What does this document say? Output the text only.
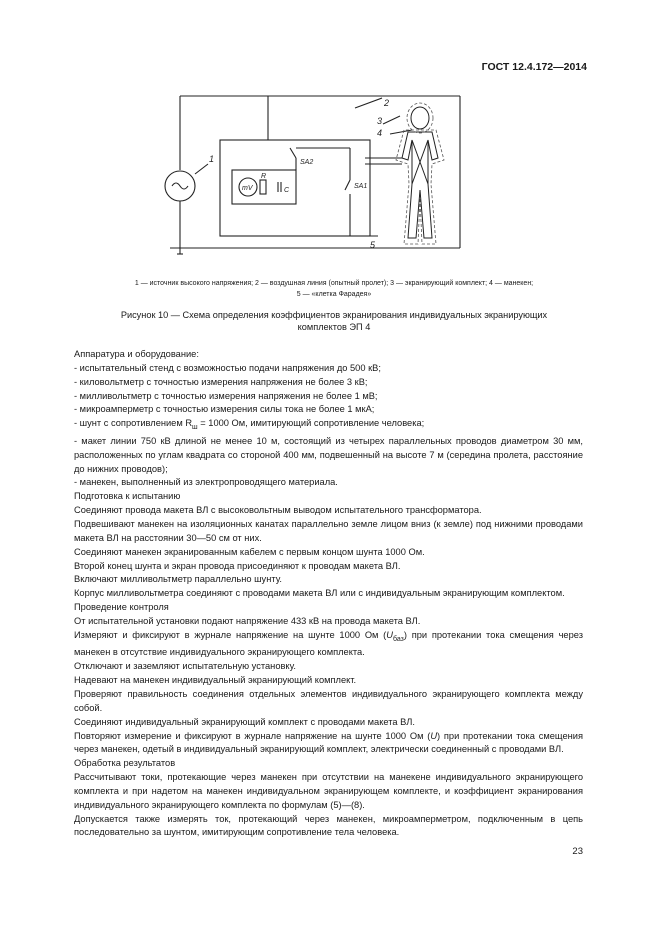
ГОСТ 12.4.172—2014
1
2
3
4
5
mV
R
C
SA2
SA1
1 — источник высокого напряжения; 2 — воздушная линия (опытный пролет); 3 — экранирующий комплект; 4 — манекен;
5 — «клетка Фарадея»
Рисунок 10 — Схема определения коэффициентов экранирования индивидуальных экранирующих
комплектов ЭП 4

Аппаратура и оборудование:

- испытательный стенд с возможностью подачи напряжения до 500 кВ;

- киловольтметр с точностью измерения напряжения не более 3 кВ;

- милливольтметр с точностью измерения напряжения не более 1 мВ;

- микроамперметр с точностью измерения силы тока не более 1 мкА;

- шунт с сопротивлением $R_ш = 1000$ Ом, имитирующий сопротивление человека;

- макет линии 750 кВ длиной не менее 10 м, состоящий из четырех параллельных проводов диаметром 30 мм, расположенных по углам квадрата со стороной 400 мм, подвешенный на высоте 7 м (середина пролета, расстояние до нижних проводов);

- манекен, выполненный из электропроводящего материала.

Подготовка к испытанию

Соединяют провода макета ВЛ с высоковольтным выводом испытательного трансформатора.

Подвешивают манекен на изоляционных канатах параллельно земле лицом вниз (к земле) под нижними проводами макета ВЛ на расстоянии 30—50 см от них.

Соединяют манекен экранированным кабелем с первым концом шунта 1000 Ом.

Второй конец шунта и экран провода присоединяют к проводам макета ВЛ.

Включают милливольтметр параллельно шунту.

Корпус милливольтметра соединяют с проводами макета ВЛ или с индивидуальным экранирующим комплектом.

Проведение контроля

От испытательной установки подают напряжение 433 кВ на провода макета ВЛ.

Измеряют и фиксируют в журнале напряжение на шунте 1000 Ом $(U_{баз})$ при протекании тока смещения через манекен в отсутствие индивидуального экранирующего комплекта.

Отключают и заземляют испытательную установку.

Надевают на манекен индивидуальный экранирующий комплект.

Проверяют правильность соединения отдельных элементов индивидуального экранирующего комплекта между собой.

Соединяют индивидуальный экранирующий комплект с проводами макета ВЛ.

Повторяют измерение и фиксируют в журнале напряжение на шунте 1000 Ом (U) при протекании тока смещения через манекен, одетый в индивидуальный экранирующий комплект, электрически соединенный с проводами ВЛ.

Обработка результатов

Рассчитывают токи, протекающие через манекен при отсутствии на манекене индивидуального экранирующего комплекта и при надетом на манекен индивидуальном экранирующем комплекте, и коэффициент экранирования индивидуального экранирующего комплекта по формулам (5)—(8).

Допускается также измерять ток, протекающий через манекен, микроамперметром, подключенным в цепь последовательно за шунтом, имитирующим сопротивление тела человека.

23
